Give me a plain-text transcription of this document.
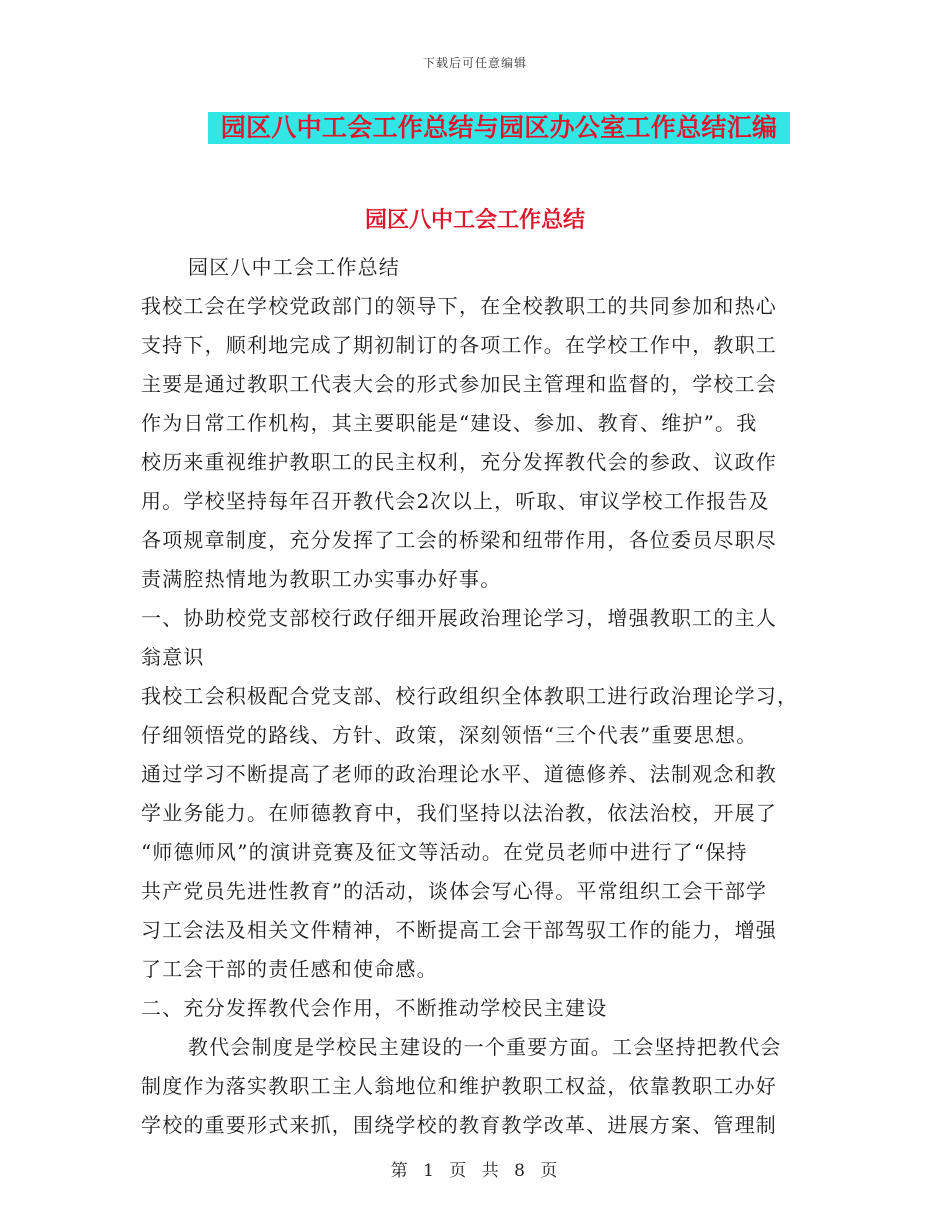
下载后可任意编辑
园区八中工会工作总结与园区办公室工作总结汇编
园区八中工会工作总结
园区八中工会工作总结
我校工会在学校党政部门的领导下，在全校教职工的共同参加和热心
支持下，顺利地完成了期初制订的各项工作。在学校工作中，教职工
主要是通过教职工代表大会的形式参加民主管理和监督的，学校工会
作为日常工作机构，其主要职能是“建设、参加、教育、维护”。我
校历来重视维护教职工的民主权利，充分发挥教代会的参政、议政作
用。学校坚持每年召开教代会2次以上，听取、审议学校工作报告及
各项规章制度，充分发挥了工会的桥梁和纽带作用，各位委员尽职尽
责满腔热情地为教职工办实事办好事。
一、协助校党支部校行政仔细开展政治理论学习，增强教职工的主人
翁意识
我校工会积极配合党支部、校行政组织全体教职工进行政治理论学习，
仔细领悟党的路线、方针、政策，深刻领悟“三个代表”重要思想。
通过学习不断提高了老师的政治理论水平、道德修养、法制观念和教
学业务能力。在师德教育中，我们坚持以法治教，依法治校，开展了
“师德师风”的演讲竞赛及征文等活动。在党员老师中进行了“保持
共产党员先进性教育”的活动，谈体会写心得。平常组织工会干部学
习工会法及相关文件精神，不断提高工会干部驾驭工作的能力，增强
了工会干部的责任感和使命感。
二、充分发挥教代会作用，不断推动学校民主建设
教代会制度是学校民主建设的一个重要方面。工会坚持把教代会
制度作为落实教职工主人翁地位和维护教职工权益，依靠教职工办好
学校的重要形式来抓，围绕学校的教育教学改革、进展方案、管理制
第 1 页 共 8 页
